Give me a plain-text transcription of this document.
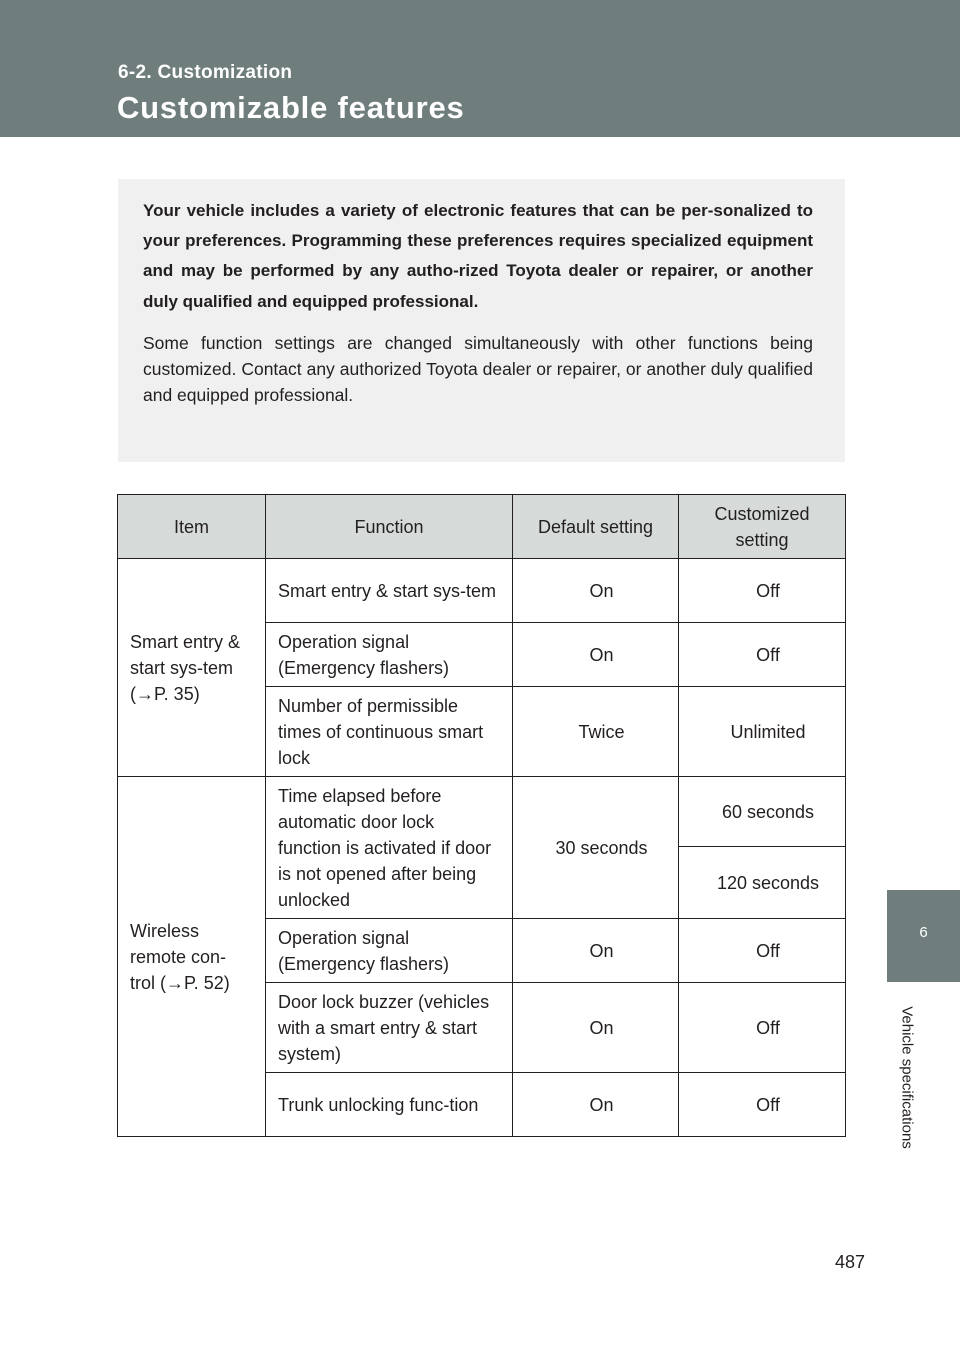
6-2. Customization
Customizable features
6
Vehicle specifications

Your vehicle includes a variety of electronic features that can be per-sonalized to your preferences. Programming these preferences requires specialized equipment and may be performed by any autho-rized Toyota dealer or repairer, or another duly qualified and equipped professional.

Some function settings are changed simultaneously with other functions being customized. Contact any authorized Toyota dealer or repairer, or another duly qualified and equipped professional.

Item	Function	Default setting	Customized setting

Smart entry & start sys-tem (→P. 35)	Smart entry & start sys-tem	On	Off

	Operation signal (Emergency flashers)	On	Off

	Number of permissible times of continuous smart lock	Twice	Unlimited

Wireless remote con-trol (→P. 52)	Time elapsed before automatic door lock function is activated if door is not opened after being unlocked	30 seconds	60 seconds
			120 seconds

	Operation signal (Emergency flashers)	On	Off

	Door lock buzzer (vehicles with a smart entry & start system)	On	Off

	Trunk unlocking func-tion	On	Off
487
